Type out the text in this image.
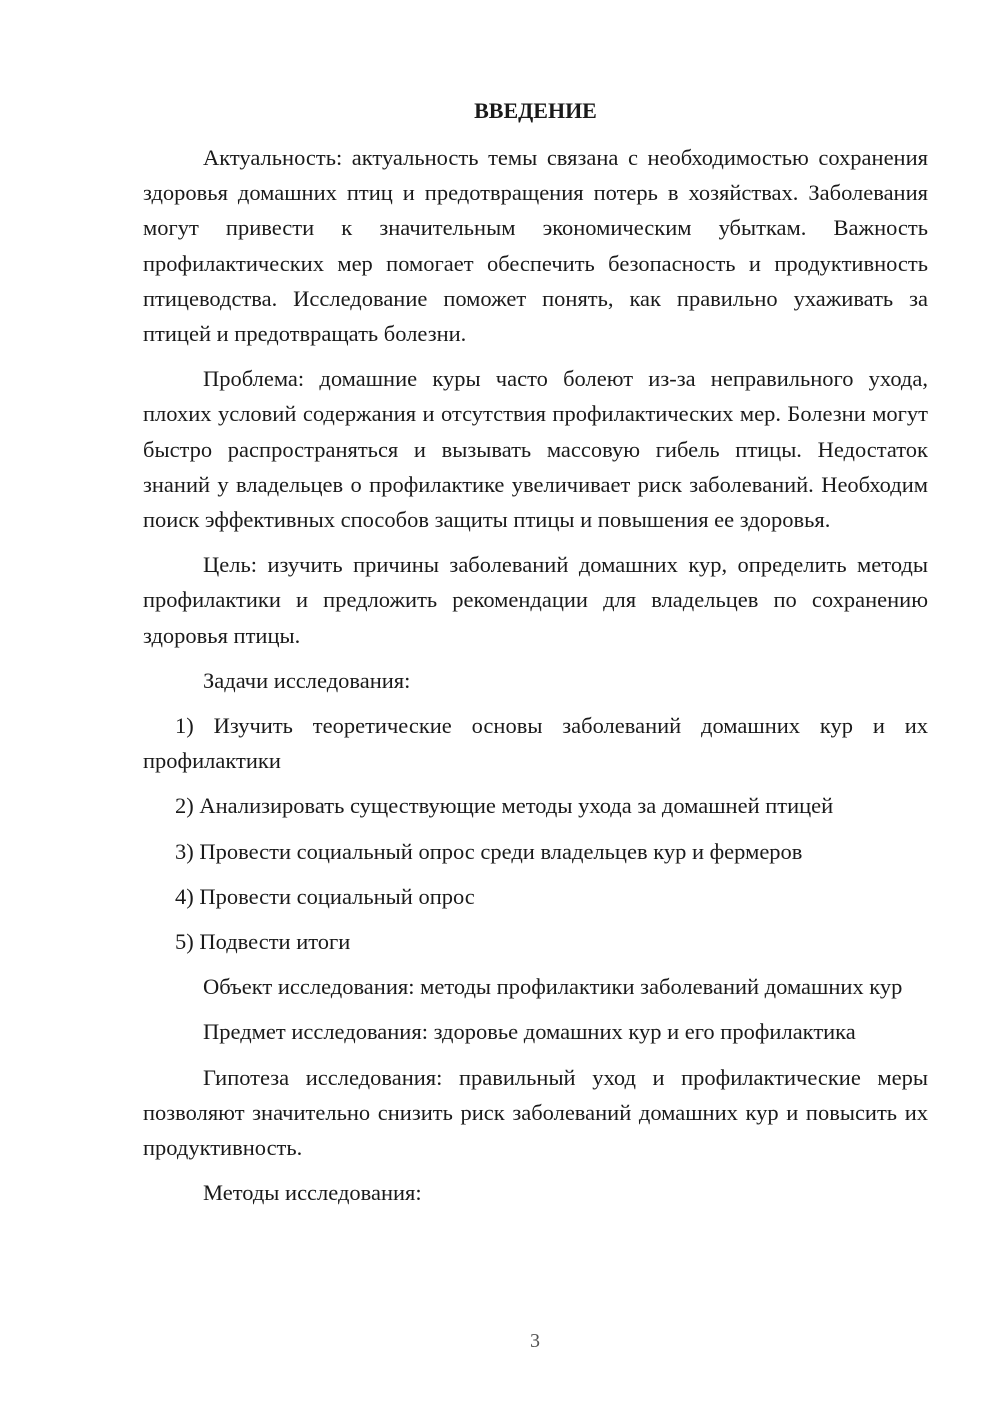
ВВЕДЕНИЕ

Актуальность: актуальность темы связана с необходимостью сохранения здоровья домашних птиц и предотвращения потерь в хозяйствах. Заболевания могут привести к значительным экономическим убыткам. Важность профилактических мер помогает обеспечить безопасность и продуктивность птицеводства. Исследование поможет понять, как правильно ухаживать за птицей и предотвращать болезни.

Проблема: домашние куры часто болеют из-за неправильного ухода, плохих условий содержания и отсутствия профилактических мер. Болезни могут быстро распространяться и вызывать массовую гибель птицы. Недостаток знаний у владельцев о профилактике увеличивает риск заболеваний. Необходим поиск эффективных способов защиты птицы и повышения ее здоровья.

Цель: изучить причины заболеваний домашних кур, определить методы профилактики и предложить рекомендации для владельцев по сохранению здоровья птицы.

Задачи исследования:

1) Изучить теоретические основы заболеваний домашних кур и их профилактики

2) Анализировать существующие методы ухода за домашней птицей

3) Провести социальный опрос среди владельцев кур и фермеров

4) Провести социальный опрос

5) Подвести итоги

Объект исследования: методы профилактики заболеваний домашних кур

Предмет исследования: здоровье домашних кур и его профилактика

Гипотеза исследования: правильный уход и профилактические меры позволяют значительно снизить риск заболеваний домашних кур и повысить их продуктивность.

Методы исследования:

3
